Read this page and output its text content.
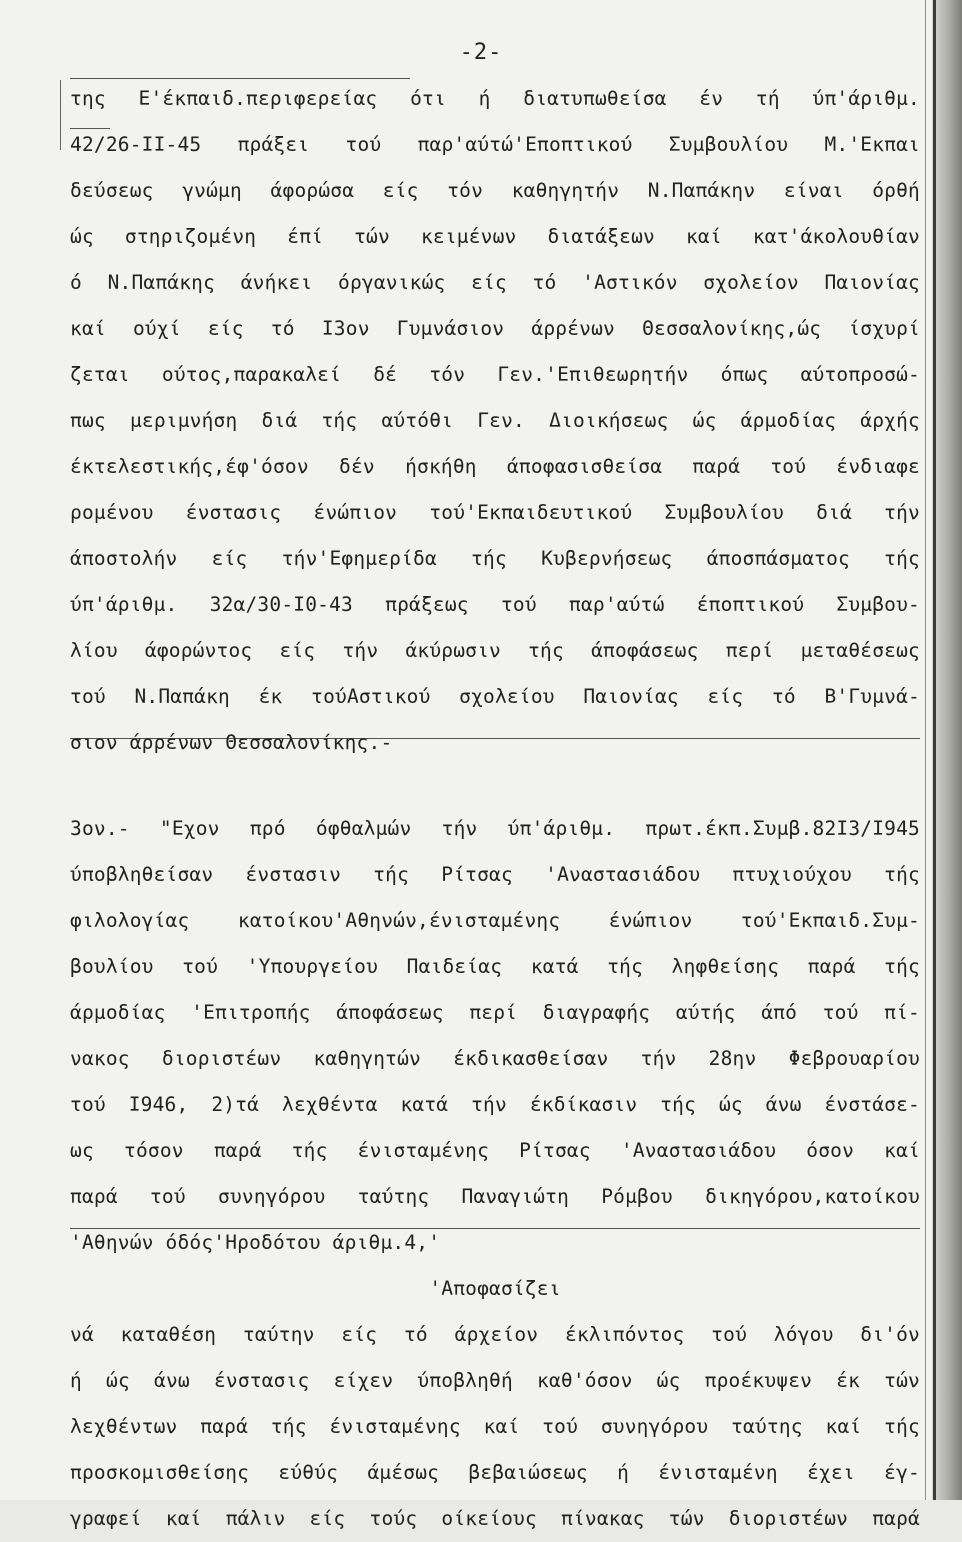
-2-
της Ε'έκπαιδ.περιφερείας ότι ή διατυπωθείσα έν τή ύπ'άριθμ.
42/26-ΙΙ-45 πράξει τού παρ'αύτώ'Εποπτικού Συμβουλίου Μ.'Εκπαι
δεύσεως γνώμη άφορώσα είς τόν καθηγητήν Ν.Παπάκην είναι όρθή
ώς στηριζομένη έπί τών κειμένων διατάξεων καί κατ'άκολουθίαν
ό Ν.Παπάκης άνήκει όργανικώς είς τό 'Αστικόν σχολείον Παιονίας
καί ούχί είς τό Ι3ον Γυμνάσιον άρρένων Θεσσαλονίκης,ώς ίσχυρί
ζεται ούτος,παρακαλεί δέ τόν Γεν.'Επιθεωρητήν όπως αύτοπροσώ-
πως μεριμνήση διά τής αύτόθι Γεν. Διοικήσεως ώς άρμοδίας άρχής
έκτελεστικής,έφ'όσον δέν ήσκήθη άποφασισθείσα παρά τού ένδιαφε
ρομένου ένστασις ένώπιον τού'Εκπαιδευτικού Συμβουλίου διά τήν
άποστολήν είς τήν'Εφημερίδα τής Κυβερνήσεως άποσπάσματος τής
ύπ'άριθμ. 32α/30-Ι0-43 πράξεως τού παρ'αύτώ έποπτικού Συμβου-
λίου άφορώντος είς τήν άκύρωσιν τής άποφάσεως περί μεταθέσεως
τού Ν.Παπάκη έκ τούΑστικού σχολείου Παιονίας είς τό Β'Γυμνά-
σιον άρρένων Θεσσαλονίκης.-
3ον.- "Εχον πρό όφθαλμών τήν ύπ'άριθμ. πρωτ.έκπ.Συμβ.82Ι3/Ι945
ύποβληθείσαν ένστασιν τής Ρίτσας 'Αναστασιάδου πτυχιούχου τής
φιλολογίας κατοίκου'Αθηνών,ένισταμένης ένώπιον τού'Εκπαιδ.Συμ-
βουλίου τού 'Υπουργείου Παιδείας κατά τής ληφθείσης παρά τής
άρμοδίας 'Επιτροπής άποφάσεως περί διαγραφής αύτής άπό τού πί-
νακος διοριστέων καθηγητών έκδικασθείσαν τήν 28ην Φεβρουαρίου
τού Ι946, 2)τά λεχθέντα κατά τήν έκδίκασιν τής ώς άνω ένστάσε-
ως τόσον παρά τής ένισταμένης Ρίτσας 'Αναστασιάδου όσον καί
παρά τού συνηγόρου ταύτης Παναγιώτη Ρόμβου δικηγόρου,κατοίκου
'Αθηνών όδός'Ηροδότου άριθμ.4,'
'Αποφασίζει
νά καταθέση ταύτην είς τό άρχείον έκλιπόντος τού λόγου δι'όν
ή ώς άνω ένστασις είχεν ύποβληθή καθ'όσον ώς προέκυψεν έκ τών
λεχθέντων παρά τής ένισταμένης καί τού συνηγόρου ταύτης καί τής
προσκομισθείσης εύθύς άμέσως βεβαιώσεως ή ένισταμένη έχει έγ-
γραφεί καί πάλιν είς τούς οίκείους πίνακας τών διοριστέων παρά
